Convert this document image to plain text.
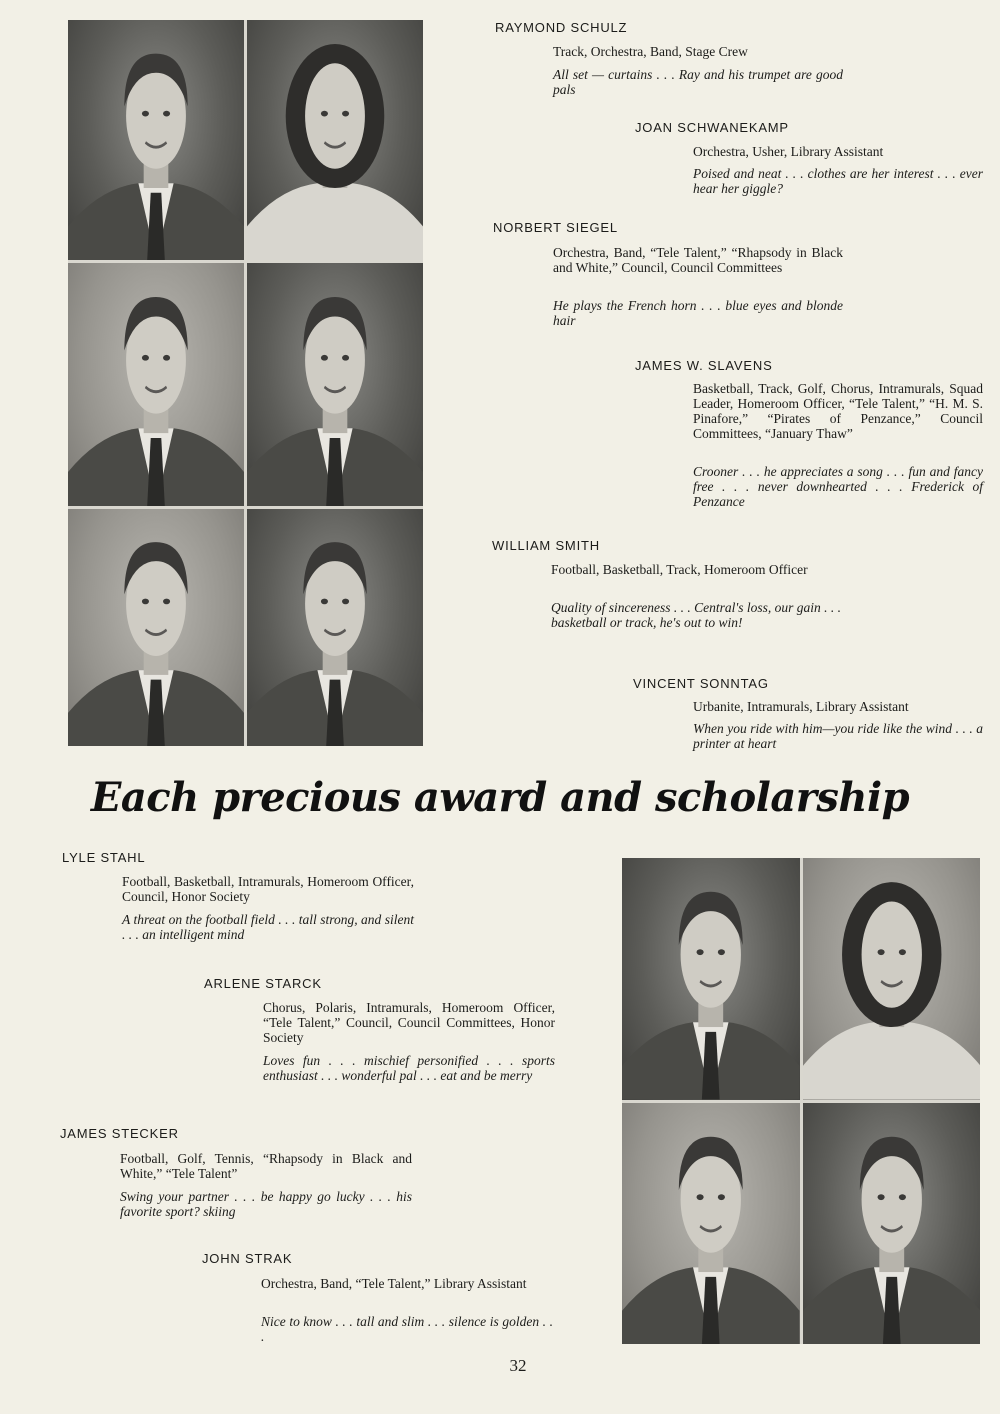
RAYMOND SCHULZ
Track, Orchestra, Band, Stage Crew
All set — curtains . . . Ray and his trumpet are good pals
JOAN SCHWANEKAMP
Orchestra, Usher, Library Assistant
Poised and neat . . . clothes are her interest . . . ever hear her giggle?
NORBERT SIEGEL
Orchestra, Band, “Tele Talent,” “Rhapsody in Black and White,” Council, Council Committees
He plays the French horn . . . blue eyes and blonde hair
JAMES W. SLAVENS
Basketball, Track, Golf, Chorus, Intramurals, Squad Leader, Homeroom Officer, “Tele Talent,” “H. M. S. Pinafore,” “Pirates of Penzance,” Council Committees, “January Thaw”
Crooner . . . he appreciates a song . . . fun and fancy free . . . never downhearted . . . Frederick of Penzance
WILLIAM SMITH
Football, Basketball, Track, Homeroom Officer
Quality of sincereness . . . Central's loss, our gain . . . basketball or track, he's out to win!
VINCENT SONNTAG
Urbanite, Intramurals, Library Assistant
When you ride with him—you ride like the wind . . . a printer at heart
Each precious award and scholarship
LYLE STAHL
Football, Basketball, Intramurals, Homeroom Officer, Council, Honor Society
A threat on the football field . . . tall strong, and silent . . . an intelligent mind
ARLENE STARCK
Chorus, Polaris, Intramurals, Homeroom Officer, “Tele Talent,” Council, Council Committees, Honor Society
Loves fun . . . mischief personified . . . sports enthusiast . . . wonderful pal . . . eat and be merry
JAMES STECKER
Football, Golf, Tennis, “Rhapsody in Black and White,” “Tele Talent”
Swing your partner . . . be happy go lucky . . . his favorite sport? skiing
JOHN STRAK
Orchestra, Band, “Tele Talent,” Library Assistant
Nice to know . . . tall and slim . . . silence is golden . . .
32
